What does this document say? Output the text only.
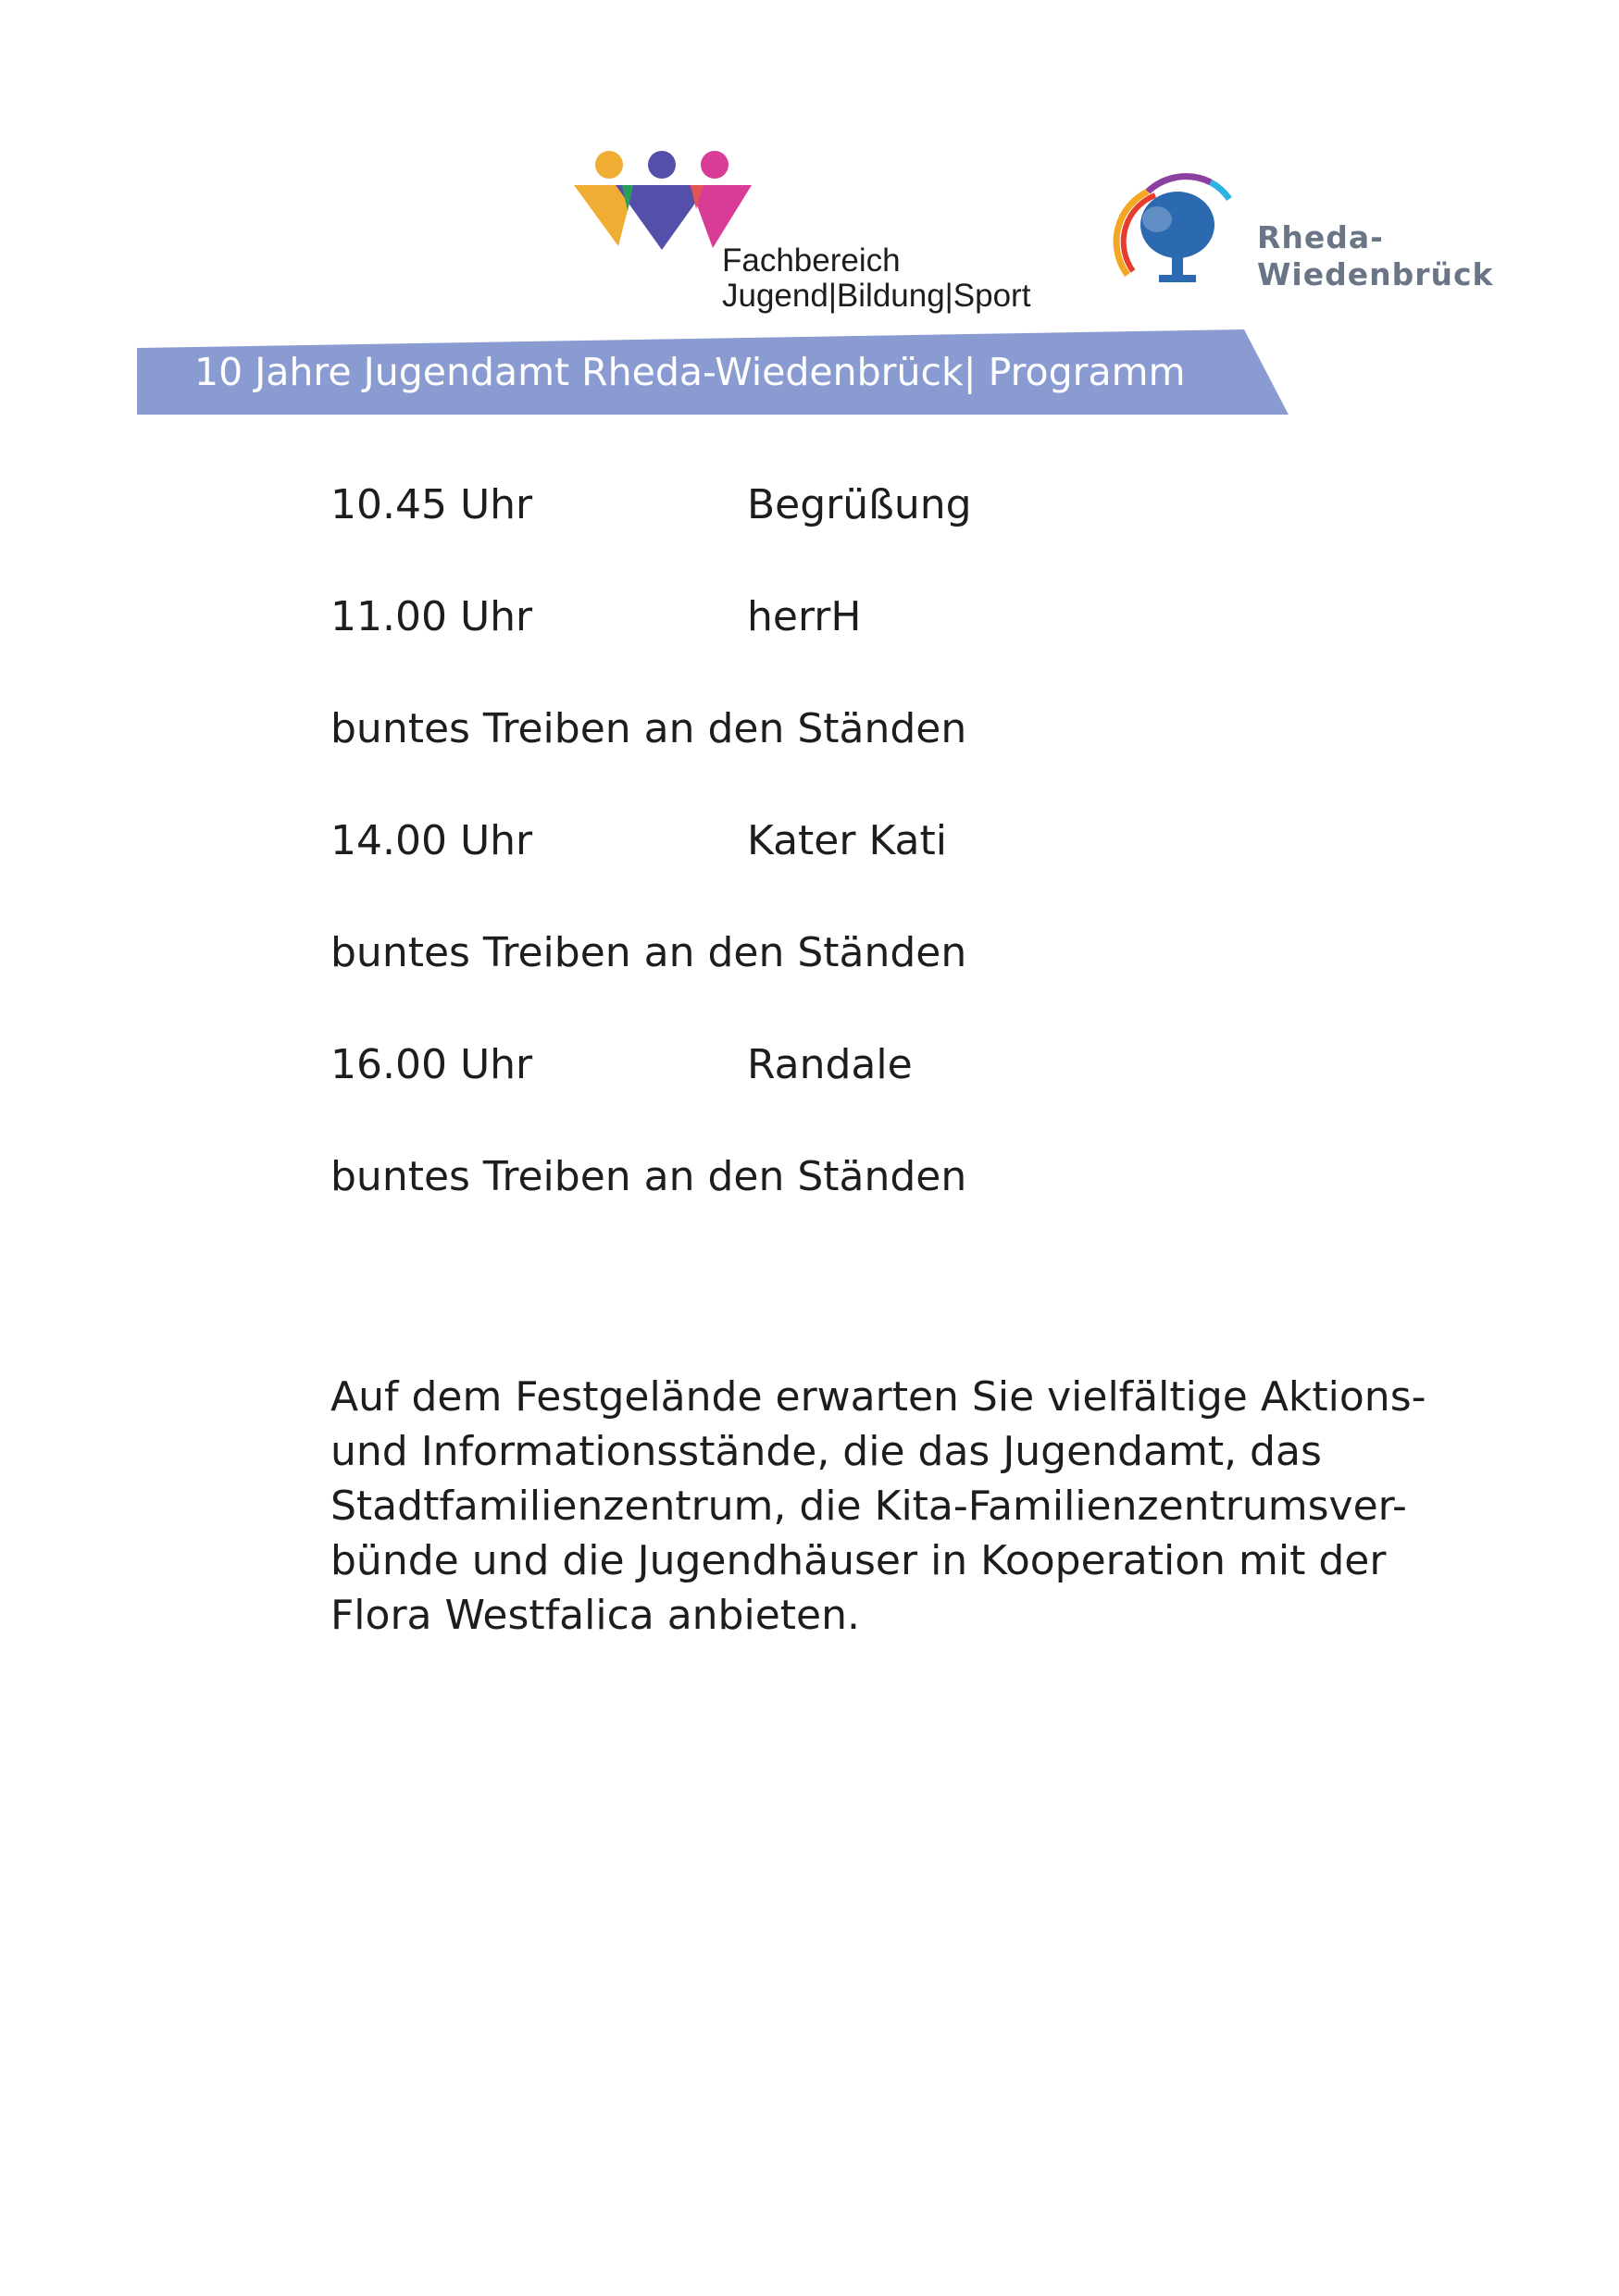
Fachbereich
Jugend|Bildung|Sport
Rheda-
Wiedenbrück
10 Jahre Jugendamt Rheda-Wiedenbrück| Programm
10.45 Uhr	Begrüßung
11.00 Uhr	herrH
buntes Treiben an den Ständen
14.00 Uhr	Kater Kati
buntes Treiben an den Ständen
16.00 Uhr	Randale
buntes Treiben an den Ständen
Auf dem Festgelände erwarten Sie vielfältige Aktions-
und Informationsstände, die das Jugendamt, das
Stadtfamilienzentrum, die Kita-Familienzentrumsver-
bünde und die Jugendhäuser in Kooperation mit der
Flora Westfalica anbieten.
